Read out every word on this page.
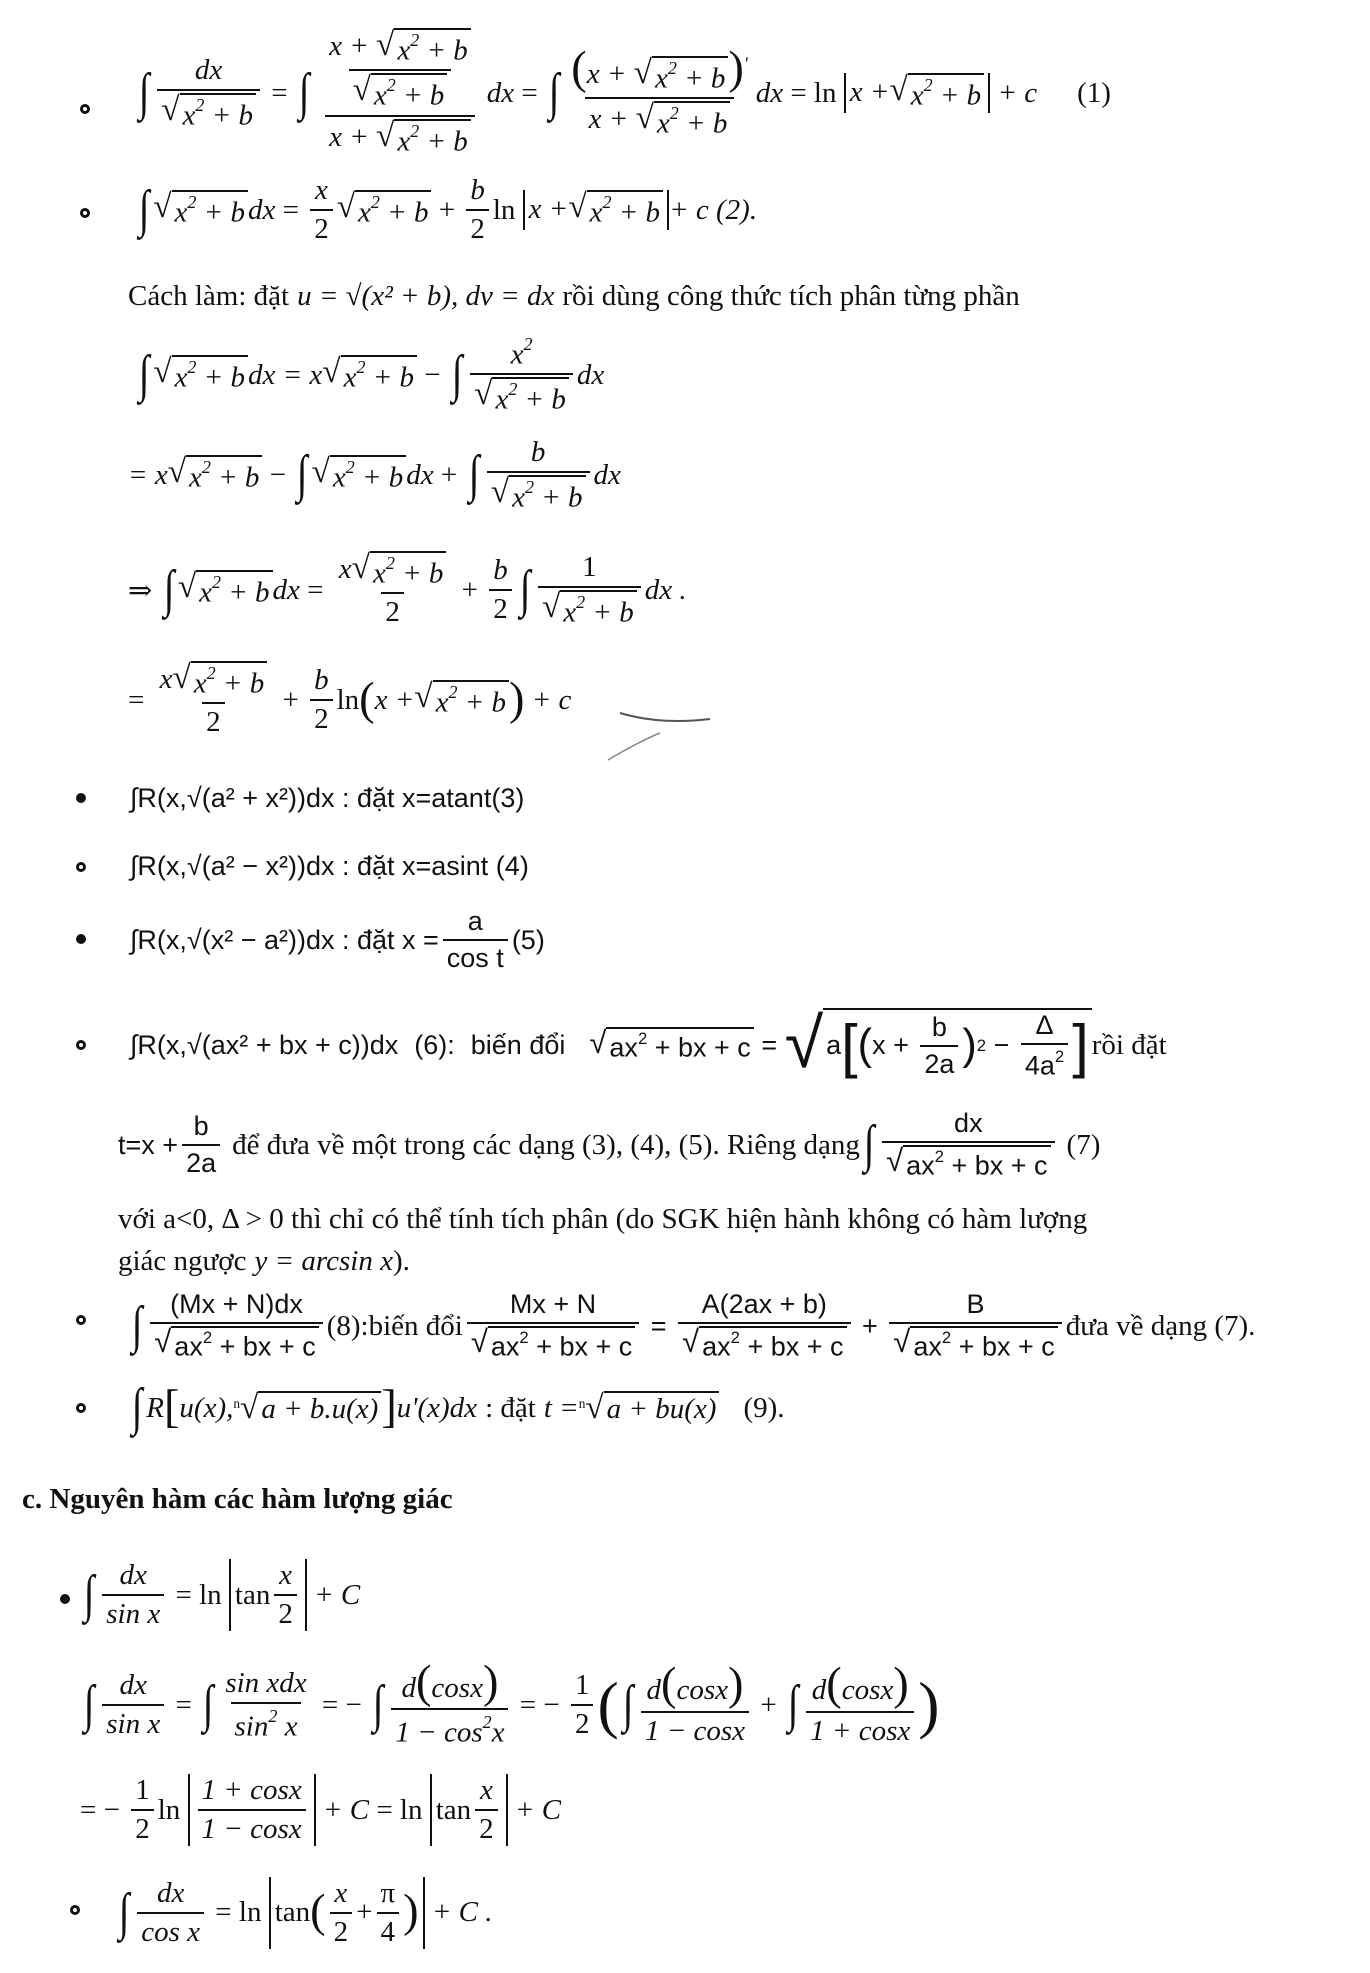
∫ $\frac{dx}{√ x^2 + b}$ = ∫ $\frac{\frac{x + √ x^2 + b}{√ x^2 + b}}{x + √ x^2 + b}$ dx = ∫ $\frac{(x + √ x^2 + b )'}{x + √ x^2 + b}$ dx = ln x + √ $x^2 + b + c$ (1)
∫ √ $x^2 + b$ dx = $\frac{x}{2}$ √ $x^2 + b + \frac{b}{2}$ ln x + √ $x^2 + b + c$ (2).
Cách làm: đặt u = √(x² + b), dv = dx rồi dùng công thức tích phân từng phần
∫ √ $x^2 + b$ dx = x √ $x^2 + b$ − ∫ $\frac{x^2}{√ x^2 + b}$ dx
= x √ $x^2 + b$ − ∫ √ $x^2 + b$ dx + ∫ $\frac{b}{√ x^2 + b}$ dx
⇒ ∫ √ $x^2 + b$ dx = $\frac{x √ x^2 + b}{2} + \frac{b}{2}$ ∫ $\frac{1}{√ x^2 + b}$ dx .
= $\frac{x √ x^2 + b}{2} + \frac{b}{2}$ ln ( x + √ $x^2 + b$ ) + c
∫R(x,√(a² + x²))dx : đặt x=atant(3)
∫R(x,√(a² − x²))dx : đặt x=asint (4)
∫R(x,√(x² − a²))dx : đặt $x = \frac{a}{\text{cos t}} (5)$
∫R(x,√(ax² + bx + c))dx (6): biến đổi √ $ax^2$ + bx + c = √ a [ ( $x + \frac{b}{2a}$ ) $2 - \frac{\Delta}{4a^2}$ ] rồi đặt
$t= x + \frac{b}{2a}$ để đưa về một trong các dạng (3), (4), (5). Riêng dạng ∫ $\frac{dx}{√ ax^2 + bx + c} (7)$
với a<0, Δ > 0 thì chỉ có thể tính tích phân (do SGK hiện hành không có hàm lượng
giác ngược y = arcsin x ).
∫ $\frac{(Mx + N)dx}{√ ax^2 + bx + c}$ (8):biến đổi $\frac{Mx + N}{√ ax^2 + bx + c} = \frac{A(2ax + b)}{√ ax^2 + bx + c} + \frac{B}{√ ax^2 + bx + c}$ đưa về dạng (7).
∫ R [ u(x), $^n$√ a + b.u(x) ] u'(x)dx : đặt t = $^n$√ a + bu(x) (9).
c. Nguyên hàm các hàm lượng giác
∫ $\frac{dx}{\text{sin x}} = \ln \tan \frac{x}{2} + C$
∫ $\frac{dx}{\text{sin x}}$ = ∫ $\frac{\text{sin xdx}}{\sin^2 x}$ = − ∫ $\frac{d(\cos x)}{1 - \cos^2x}$ = − $\frac{1}{2}$ ( ∫ $\frac{d(\cos x)}{1 - \cos x}$ + ∫ $\frac{d(\cos x)}{1 + \cos x}$ )
= − $\frac{1}{2}$ $\ln \frac{1 + \cos x}{1 - \cos x} + C = \ln \tan \frac{x}{2} + C$
∫ $\frac{dx}{\text{cos x}} = \ln \tan$ ( $\frac{x}{2} + \frac{\pi}{4}$ ) + C .
